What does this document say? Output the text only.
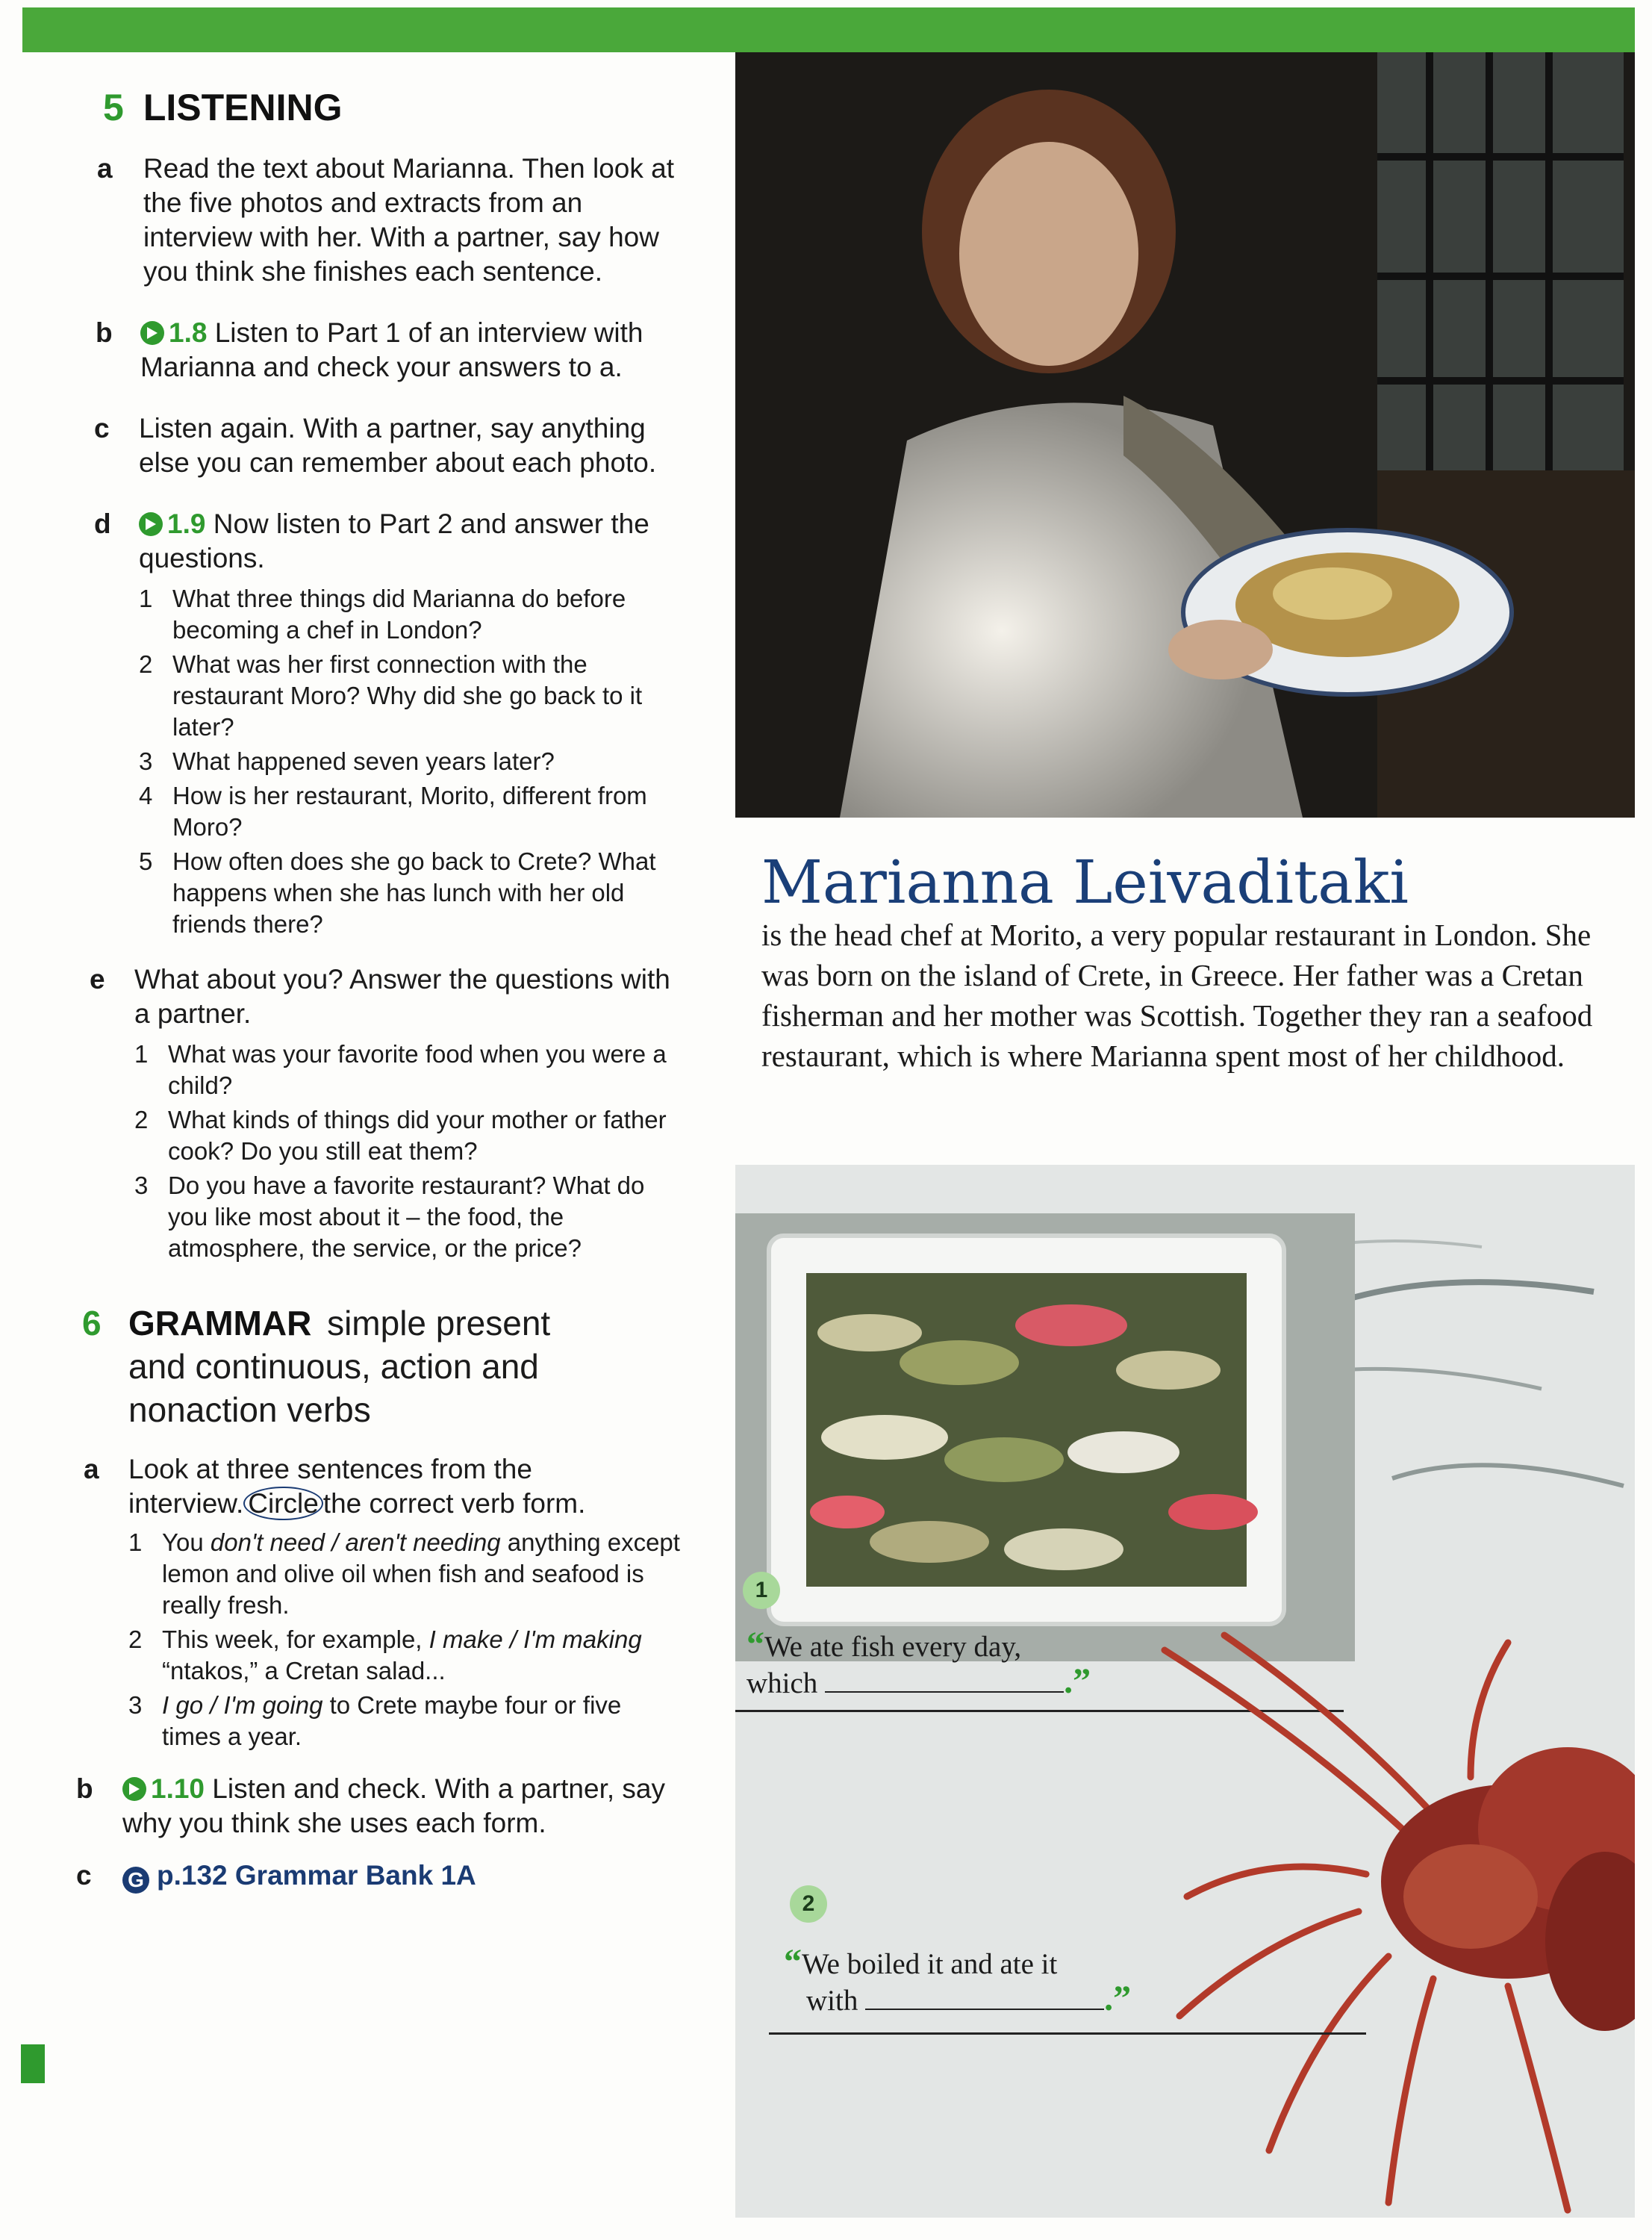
5 LISTENING
a Read the text about Marianna. Then look at the five photos and extracts from an interview with her. With a partner, say how you think she finishes each sentence.
b 1.8 Listen to Part 1 of an interview with Marianna and check your answers to a.
c Listen again. With a partner, say anything else you can remember about each photo.
d 1.9 Now listen to Part 2 and answer the questions.
1 What three things did Marianna do before becoming a chef in London?
2 What was her first connection with the restaurant Moro? Why did she go back to it later?
3 What happened seven years later?
4 How is her restaurant, Morito, different from Moro?
5 How often does she go back to Crete? What happens when she has lunch with her old friends there?
e What about you? Answer the questions with a partner.
1 What was your favorite food when you were a child?
2 What kinds of things did your mother or father cook? Do you still eat them?
3 Do you have a favorite restaurant? What do you like most about it – the food, the atmosphere, the service, or the price?
6 GRAMMAR simple present
and continuous, action and
nonaction verbs
a Look at three sentences from the interview. Circle the correct verb form.
1 You don't need / aren't needing anything except lemon and olive oil when fish and seafood is really fresh.
2 This week, for example, I make / I'm making “ntakos,” a Cretan salad...
3 I go / I'm going to Crete maybe four or five times a year.
b 1.10 Listen and check. With a partner, say why you think she uses each form.
c G p.132 Grammar Bank 1A
Marianna Leivaditaki
is the head chef at Morito, a very popular restaurant in London. She was born on the island of Crete, in Greece. Her father was a Cretan fisherman and her mother was Scottish. Together they ran a seafood restaurant, which is where Marianna spent most of her childhood.
1
“We ate fish every day,
which	.”
2
“We boiled it and ate it
with	.”
